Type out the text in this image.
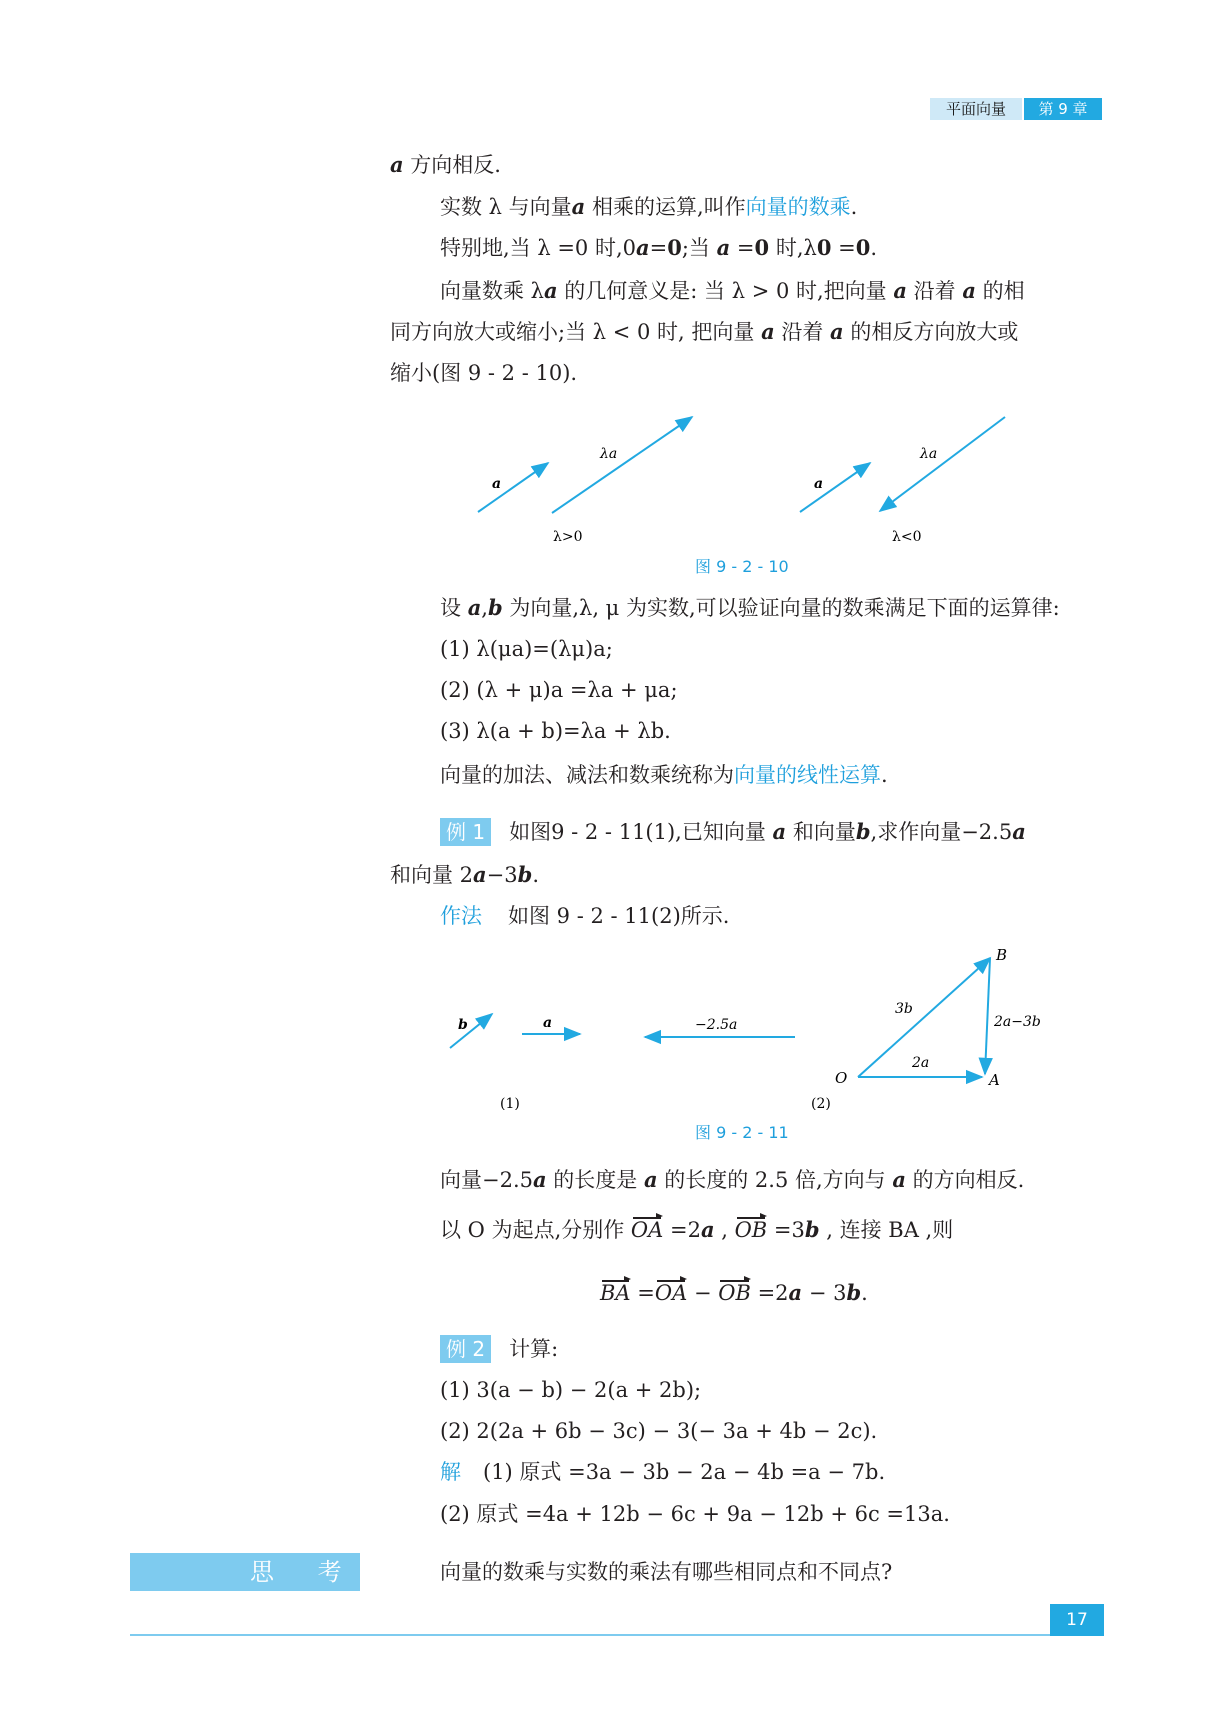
平面向量	第 9 章
a 方向相反.
实数 λ 与向量a 相乘的运算,叫作向量的数乘.
特别地,当 λ =0 时,0a=0;当 a =0 时,λ0 =0.
向量数乘 λa 的几何意义是: 当 λ > 0 时,把向量 a 沿着 a 的相
同方向放大或缩小;当 λ < 0 时, 把向量 a 沿着 a 的相反方向放大或
缩小(图 9 - 2 - 10).
a
λa
a
λa
λ>0	λ<0
图 9 - 2 - 10
设 a,b 为向量,λ, μ 为实数,可以验证向量的数乘满足下面的运算律:
(1) λ(μa)=(λμ)a;
(2) (λ + μ)a =λa + μa;
(3) λ(a + b)=λa + λb.
向量的加法、减法和数乘统称为向量的线性运算.
例 1 如图9 - 2 - 11(1),已知向量 a 和向量b,求作向量−2.5a
和向量 2a−3b.
作法 如图 9 - 2 - 11(2)所示.
b	a	−2.5a
3b
2a
2a−3b
O	A
B
(1)	(2)
图 9 - 2 - 11
向量−2.5a 的长度是 a 的长度的 2.5 倍,方向与 a 的方向相反.
以 O 为起点,分别作 OA =2a , OB =3b , 连接 BA ,则
BA =OA − OB =2a − 3b.
例 2 计算:
(1) 3(a − b) − 2(a + 2b);
(2) 2(2a + 6b − 3c) − 3(− 3a + 4b − 2c).
解 (1) 原式 =3a − 3b − 2a − 4b =a − 7b.
(2) 原式 =4a + 12b − 6c + 9a − 12b + 6c =13a.
思 考	向量的数乘与实数的乘法有哪些相同点和不同点?
17
